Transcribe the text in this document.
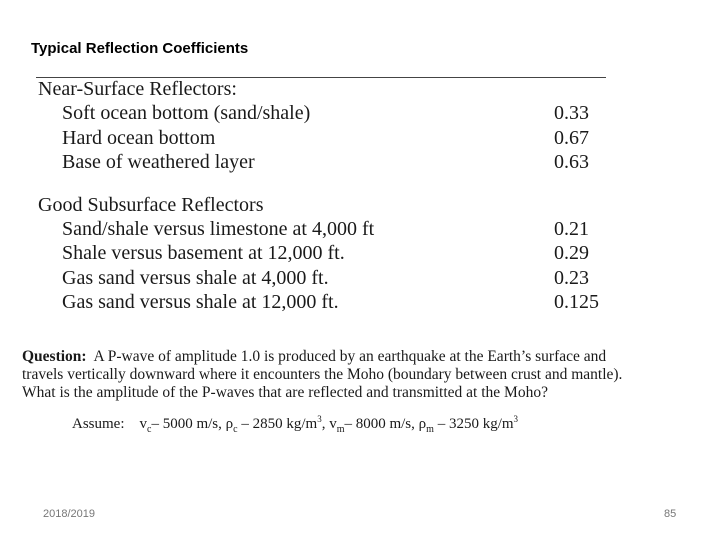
Typical Reflection Coefficients
Near-Surface Reflectors:
Soft ocean bottom (sand/shale)	0.33
Hard ocean bottom	0.67
Base of weathered layer	0.63
Good Subsurface Reflectors
Sand/shale versus limestone at 4,000 ft	0.21
Shale versus basement at 12,000 ft.	0.29
Gas sand versus shale at 4,000 ft.	0.23
Gas sand versus shale at 12,000 ft.	0.125
Question: A P-wave of amplitude 1.0 is produced by an earthquake at the Earth’s surface and
travels vertically downward where it encounters the Moho (boundary between crust and mantle).
What is the amplitude of the P-waves that are reflected and transmitted at the Moho?
Assume: $v_c-$ 5000 m/s, $\rho_c - 2850$ $kg/m^3$, $v_m-$ 8000 m/s, $\rho_m - 3250$ $kg/m^3$
2018/2019	85
